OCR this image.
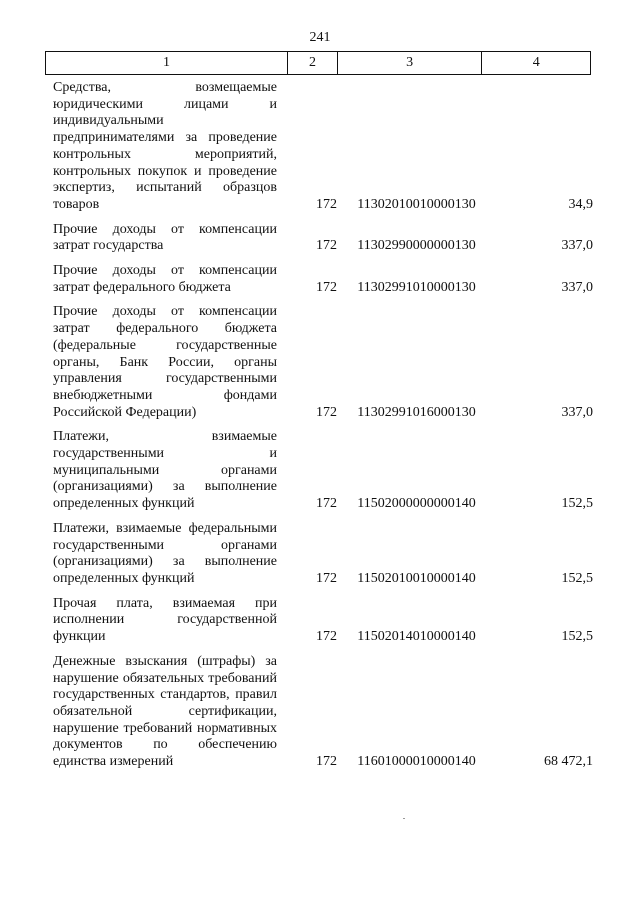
241
1	2	3	4
Средства, возмещаемые юридическими лицами и индивидуальными предпринимателями за проведение контрольных мероприятий, контрольных покупок и проведение экспертиз, испытаний образцов товаров	172	11302010010000130	34,9
Прочие доходы от компенсации затрат государства	172	11302990000000130	337,0
Прочие доходы от компенсации затрат федерального бюджета	172	11302991010000130	337,0
Прочие доходы от компенсации затрат федерального бюджета (федеральные государственные органы, Банк России, органы управления государственными внебюджетными фондами Российской Федерации)	172	11302991016000130	337,0
Платежи, взимаемые государственными и муниципальными органами (организациями) за выполнение определенных функций	172	11502000000000140	152,5
Платежи, взимаемые федеральными государственными органами (организациями) за выполнение определенных функций	172	11502010010000140	152,5
Прочая плата, взимаемая при исполнении государственной функции	172	11502014010000140	152,5
Денежные взыскания (штрафы) за нарушение обязательных требований государственных стандартов, правил обязательной сертификации, нарушение требований нормативных документов по обеспечению единства измерений	172	11601000010000140	68 472,1
